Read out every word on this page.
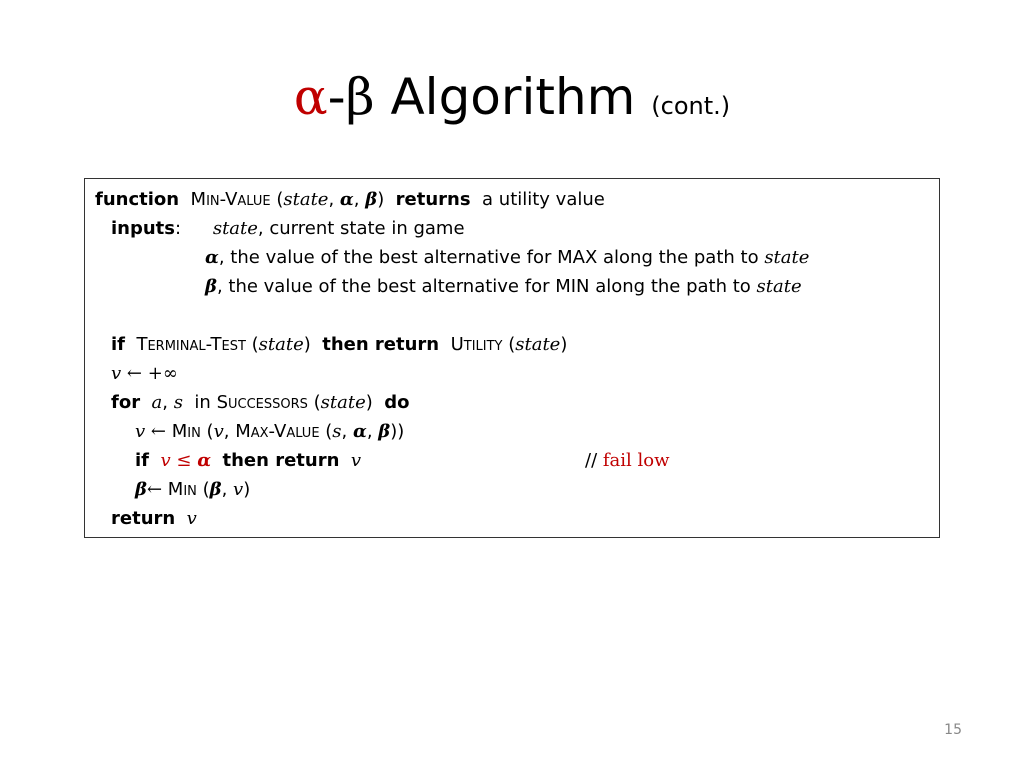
α-β Algorithm (cont.)
function MIN-VALUE (state, α, β)  returns a utility value
inputs: state, current state in game
α, the value of the best alternative for MAX along the path to state
β, the value of the best alternative for MIN along the path to state
if TERMINAL-TEST (state)  then return UTILITY (state)
v ← +∞
for a, s in SUCCESSORS (state)  do
v ← MIN (v, MAX-VALUE (s, α, β))
if v ≤ α then return v	// fail low
β← MIN (β, v)
return v
15
